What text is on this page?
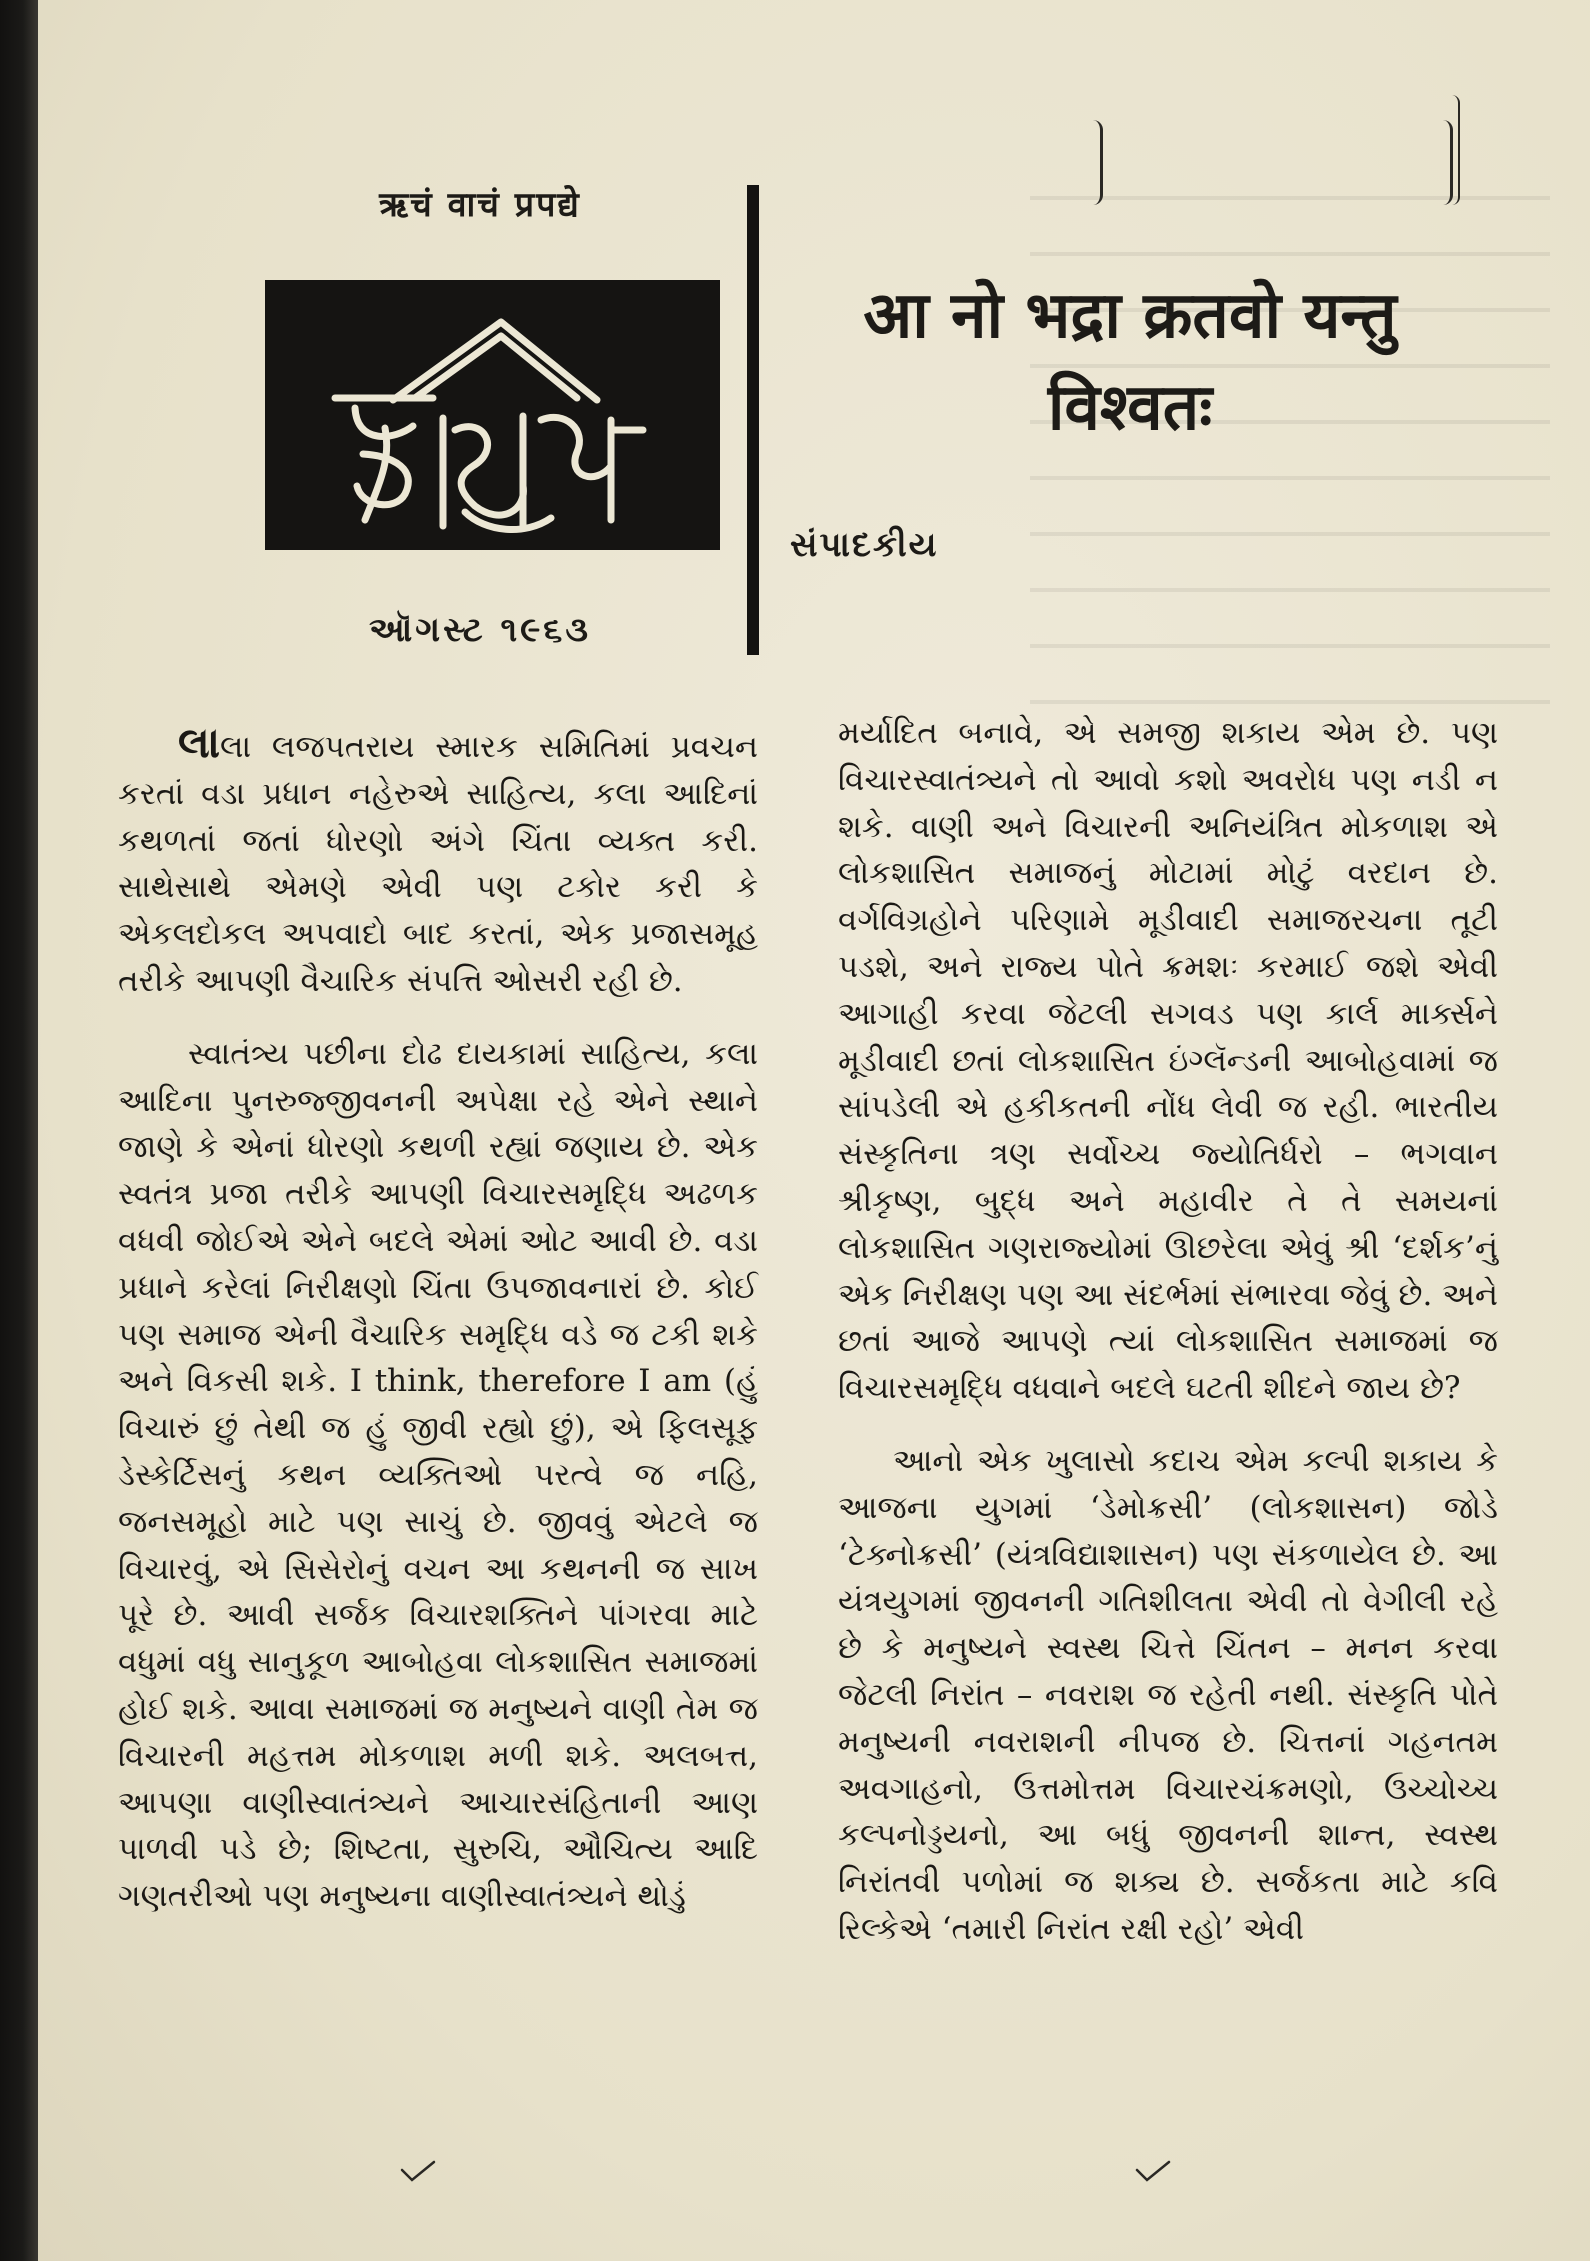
ऋचं वाचं प्रपद्ये
ઑગસ્ટ ૧૯૬૩
आ नो भद्रा क्रतवो यन्तु
विश्वतः
સંપાદકીય

લાલા લજપતરાય સ્મારક સમિતિમાં પ્રવચન કરતાં વડા પ્રધાન નહેરુએ સાહિત્ય, કલા આદિનાં કથળતાં જતાં ધોરણો અંગે ચિંતા વ્યક્ત કરી. સાથેસાથે એમણે એવી પણ ટકોર કરી કે એકલદોકલ અપવાદો બાદ કરતાં, એક પ્રજાસમૂહ તરીકે આપણી વૈચારિક સંપત્તિ ઓસરી રહી છે.

સ્વાતંત્ર્ય પછીના દોઢ દાયકામાં સાહિત્ય, કલા આદિના પુનરુજ્જીવનની અપેક્ષા રહે એને સ્થાને જાણે કે એનાં ધોરણો કથળી રહ્યાં જણાય છે. એક સ્વતંત્ર પ્રજા તરીકે આપણી વિચારસમૃદ્ધિ અઢળક વધવી જોઈએ એને બદલે એમાં ઓટ આવી છે. વડા પ્રધાને કરેલાં નિરીક્ષણો ચિંતા ઉપજાવનારાં છે. કોઈ પણ સમાજ એની વૈચારિક સમૃદ્ધિ વડે જ ટકી શકે અને વિકસી શકે. I think, therefore I am (હું વિચારું છું તેથી જ હું જીવી રહ્યો છું), એ ફિલસૂફ ડેસ્કેર્ટિસનું કથન વ્યક્તિઓ પરત્વે જ નહિ, જનસમૂહો માટે પણ સાચું છે. જીવવું એટલે જ વિચારવું, એ સિસેરોનું વચન આ કથનની જ સાખ પૂરે છે. આવી સર્જક વિચારશક્તિને પાંગરવા માટે વધુમાં વધુ સાનુકૂળ આબોહવા લોકશાસિત સમાજમાં હોઈ શકે. આવા સમાજમાં જ મનુષ્યને વાણી તેમ જ વિચારની મહત્તમ મોકળાશ મળી શકે. અલબત્ત, આપણા વાણીસ્વાતંત્ર્યને આચારસંહિતાની આણ પાળવી પડે છે; શિષ્ટતા, સુરુચિ, ઔચિત્ય આદિ ગણતરીઓ પણ મનુષ્યના વાણીસ્વાતંત્ર્યને થોડું

મર્યાદિત બનાવે, એ સમજી શકાય એમ છે. પણ વિચારસ્વાતંત્ર્યને તો આવો કશો અવરોધ પણ નડી ન શકે. વાણી અને વિચારની અનિયંત્રિત મોકળાશ એ લોકશાસિત સમાજનું મોટામાં મોટું વરદાન છે. વર્ગવિગ્રહોને પરિણામે મૂડીવાદી સમાજરચના તૂટી પડશે, અને રાજ્ય પોતે ક્રમશઃ કરમાઈ જશે એવી આગાહી કરવા જેટલી સગવડ પણ કાર્લ માર્ક્સને મૂડીવાદી છતાં લોકશાસિત ઇંગ્લૅન્ડની આબોહવામાં જ સાંપડેલી એ હકીકતની નોંધ લેવી જ રહી. ભારતીય સંસ્કૃતિના ત્રણ સર્વોચ્ચ જ્યોતિર્ધરો – ભગવાન શ્રીકૃષ્ણ, બુદ્ધ અને મહાવીર તે તે સમયનાં લોકશાસિત ગણરાજ્યોમાં ઊછરેલા એવું શ્રી ‘દર્શક’નું એક નિરીક્ષણ પણ આ સંદર્ભમાં સંભારવા જેવું છે. અને છતાં આજે આપણે ત્યાં લોકશાસિત સમાજમાં જ વિચારસમૃદ્ધિ વધવાને બદલે ઘટતી શીદને જાય છે?

આનો એક ખુલાસો કદાચ એમ કલ્પી શકાય કે આજના યુગમાં ‘ડેમોક્રસી’ (લોકશાસન) જોડે ‘ટેક્નોક્રસી’ (યંત્રવિદ્યાશાસન) પણ સંકળાયેલ છે. આ યંત્રયુગમાં જીવનની ગતિશીલતા એવી તો વેગીલી રહે છે કે મનુષ્યને સ્વસ્થ ચિત્તે ચિંતન – મનન કરવા જેટલી નિરાંત – નવરાશ જ રહેતી નથી. સંસ્કૃતિ પોતે મનુષ્યની નવરાશની નીપજ છે. ચિત્તનાં ગહનતમ અવગાહનો, ઉત્તમોત્તમ વિચારચંક્રમણો, ઉચ્ચોચ્ચ કલ્પનોડ્ડયનો, આ બધું જીવનની શાન્ત, સ્વસ્થ નિરાંતવી પળોમાં જ શક્ય છે. સર્જકતા માટે કવિ રિલ્કેએ ‘તમારી નિરાંત રક્ષી રહો’ એવી
